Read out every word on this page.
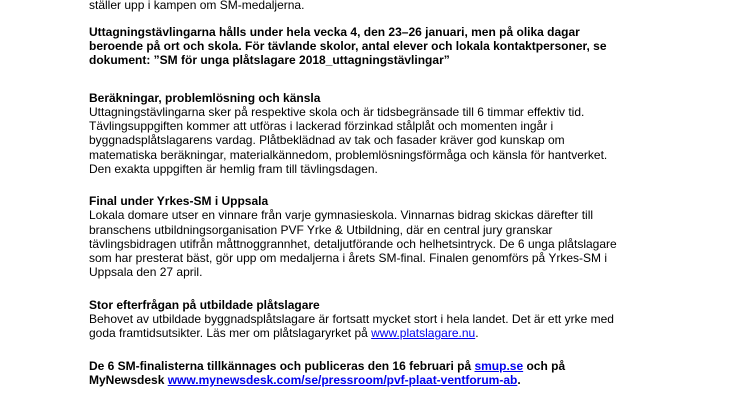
ställer upp i kampen om SM-medaljerna.
Uttagningstävlingarna hålls under hela vecka 4, den 23–26 januari, men på olika dagar
beroende på ort och skola. För tävlande skolor, antal elever och lokala kontaktpersoner, se
dokument: ”SM för unga plåtslagare 2018_uttagningstävlingar”
Beräkningar, problemlösning och känsla
Uttagningstävlingarna sker på respektive skola och är tidsbegränsade till 6 timmar effektiv tid.
Tävlingsuppgiften kommer att utföras i lackerad förzinkad stålplåt och momenten ingår i
byggnadsplåtslagarens vardag. Plåtbeklädnad av tak och fasader kräver god kunskap om
matematiska beräkningar, materialkännedom, problemlösningsförmåga och känsla för hantverket.
Den exakta uppgiften är hemlig fram till tävlingsdagen.
Final under Yrkes-SM i Uppsala
Lokala domare utser en vinnare från varje gymnasieskola. Vinnarnas bidrag skickas därefter till
branschens utbildningsorganisation PVF Yrke & Utbildning, där en central jury granskar
tävlingsbidragen utifrån måttnoggrannhet, detaljutförande och helhetsintryck. De 6 unga plåtslagare
som har presterat bäst, gör upp om medaljerna i årets SM-final. Finalen genomförs på Yrkes-SM i
Uppsala den 27 april.
Stor efterfrågan på utbildade plåtslagare
Behovet av utbildade byggnadsplåtslagare är fortsatt mycket stort i hela landet. Det är ett yrke med
goda framtidsutsikter. Läs mer om plåtslagaryrket på www.platslagare.nu.
De 6 SM-finalisterna tillkännages och publiceras den 16 februari på smup.se och på
MyNewsdesk www.mynewsdesk.com/se/pressroom/pvf-plaat-ventforum-ab.
